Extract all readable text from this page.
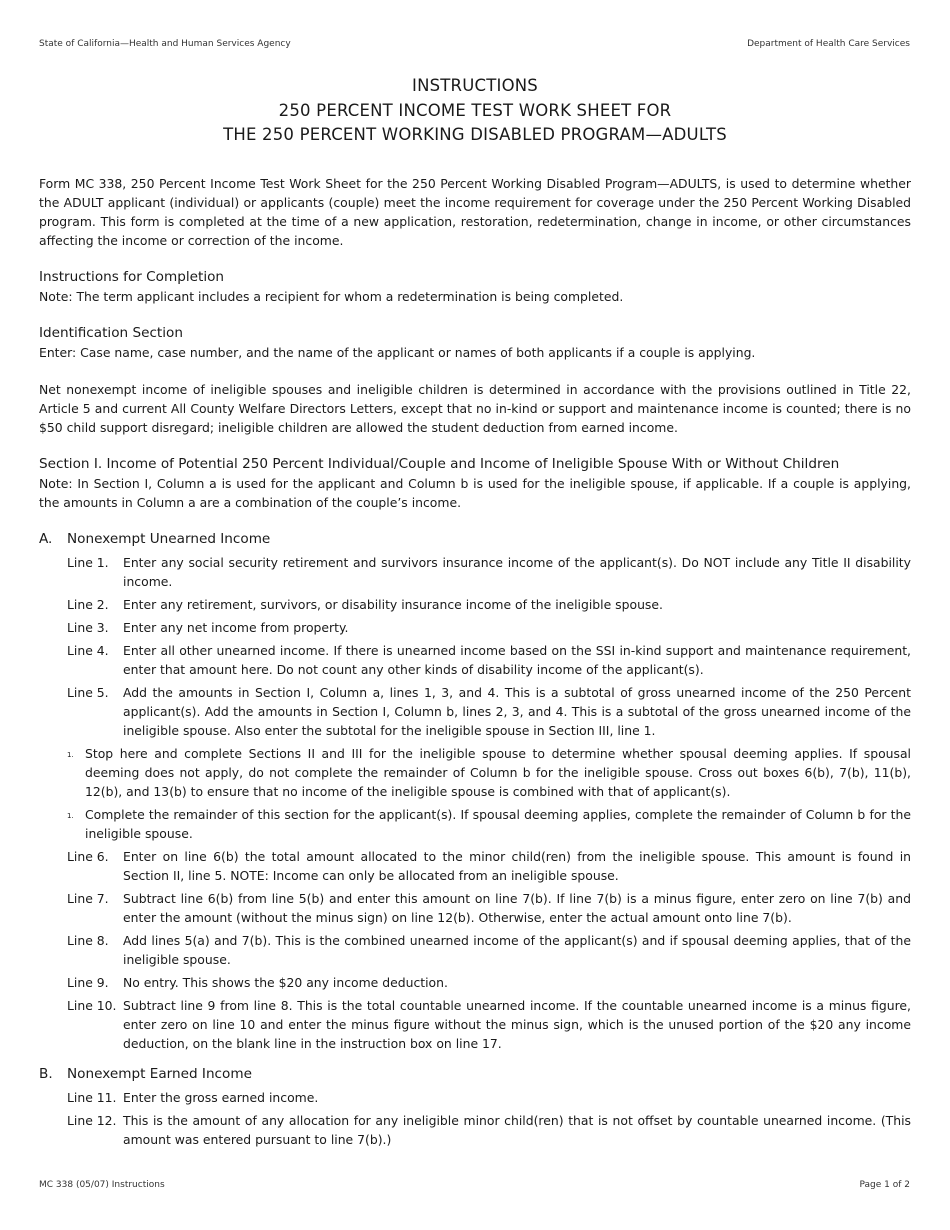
State of California—Health and Human Services Agency	Department of Health Care Services
INSTRUCTIONS
250 PERCENT INCOME TEST WORK SHEET FOR
THE 250 PERCENT WORKING DISABLED PROGRAM—ADULTS

Form MC 338, 250 Percent Income Test Work Sheet for the 250 Percent Working Disabled Program—ADULTS, is used to determine whether the ADULT applicant (individual) or applicants (couple) meet the income requirement for coverage under the 250 Percent Working Disabled program. This form is completed at the time of a new application, restoration, redetermination, change in income, or other circumstances affecting the income or correction of the income.

Instructions for Completion

Note: The term applicant includes a recipient for whom a redetermination is being completed.

Identification Section

Enter: Case name, case number, and the name of the applicant or names of both applicants if a couple is applying.

Net nonexempt income of ineligible spouses and ineligible children is determined in accordance with the provisions outlined in Title 22, Article 5 and current All County Welfare Directors Letters, except that no in-kind or support and maintenance income is counted; there is no $50 child support disregard; ineligible children are allowed the student deduction from earned income.

Section I. Income of Potential 250 Percent Individual/Couple and Income of Ineligible Spouse With or Without Children

Note: In Section I, Column a is used for the applicant and Column b is used for the ineligible spouse, if applicable. If a couple is applying, the amounts in Column a are a combination of the couple’s income.

A.	Nonexempt Unearned Income
Line 1.	Enter any social security retirement and survivors insurance income of the applicant(s). Do NOT include any Title II disability income.
Line 2.	Enter any retirement, survivors, or disability insurance income of the ineligible spouse.
Line 3.	Enter any net income from property.
Line 4.	Enter all other unearned income. If there is unearned income based on the SSI in-kind support and maintenance requirement, enter that amount here. Do not count any other kinds of disability income of the applicant(s).
Line 5.	Add the amounts in Section I, Column a, lines 1, 3, and 4. This is a subtotal of gross unearned income of the 250 Percent applicant(s). Add the amounts in Section I, Column b, lines 2, 3, and 4. This is a subtotal of the gross unearned income of the ineligible spouse. Also enter the subtotal for the ineligible spouse in Section III, line 1.
1. Stop here and complete Sections II and III for the ineligible spouse to determine whether spousal deeming applies. If spousal deeming does not apply, do not complete the remainder of Column b for the ineligible spouse. Cross out boxes 6(b), 7(b), 11(b), 12(b), and 13(b) to ensure that no income of the ineligible spouse is combined with that of applicant(s).
1. Complete the remainder of this section for the applicant(s). If spousal deeming applies, complete the remainder of Column b for the ineligible spouse.
Line 6.	Enter on line 6(b) the total amount allocated to the minor child(ren) from the ineligible spouse. This amount is found in Section II, line 5. NOTE: Income can only be allocated from an ineligible spouse.
Line 7.	Subtract line 6(b) from line 5(b) and enter this amount on line 7(b). If line 7(b) is a minus figure, enter zero on line 7(b) and enter the amount (without the minus sign) on line 12(b). Otherwise, enter the actual amount onto line 7(b).
Line 8.	Add lines 5(a) and 7(b). This is the combined unearned income of the applicant(s) and if spousal deeming applies, that of the ineligible spouse.
Line 9.	No entry. This shows the $20 any income deduction.
Line 10. Subtract line 9 from line 8. This is the total countable unearned income. If the countable unearned income is a minus figure, enter zero on line 10 and enter the minus figure without the minus sign, which is the unused portion of the $20 any income deduction, on the blank line in the instruction box on line 17.
B.	Nonexempt Earned Income
Line 11. Enter the gross earned income.
Line 12. This is the amount of any allocation for any ineligible minor child(ren) that is not offset by countable unearned income. (This amount was entered pursuant to line 7(b).)
MC 338 (05/07) Instructions	Page 1 of 2
